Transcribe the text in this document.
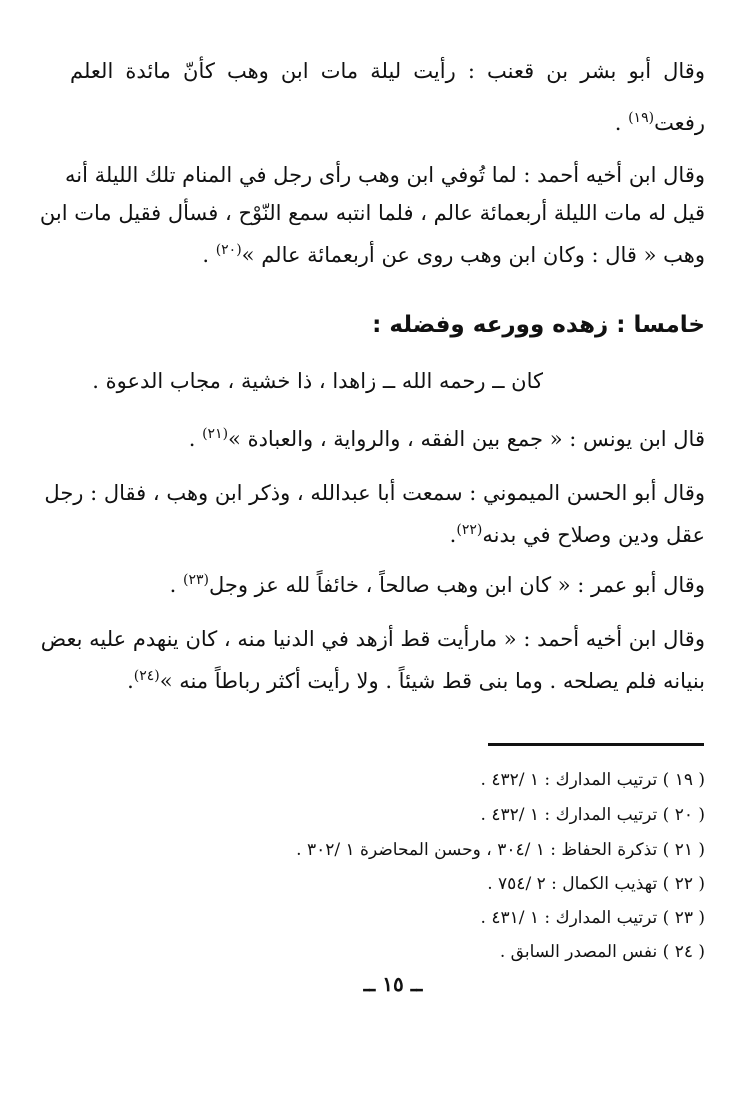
وقال أبو بشر بن قعنب : رأيت ليلة مات ابن وهب كأنّ مائدة العلم
رفعت$^{(١٩)}$ .
وقال ابن أخيه أحمد : لما تُوفي ابن وهب رأى رجل في المنام تلك الليلة أنه
قيل له مات الليلة أربعمائة عالم ، فلما انتبه سمع النّوْح ، فسأل فقيل مات ابن
وهب « قال : وكان ابن وهب روى عن أربعمائة عالم »$^{(٢٠)}$ .
خامسا : زهده وورعه وفضله :
كان ــ رحمه الله ــ زاهدا ، ذا خشية ، مجاب الدعوة .
قال ابن يونس : « جمع بين الفقه ، والرواية ، والعبادة »$^{(٢١)}$ .
وقال أبو الحسن الميموني : سمعت أبا عبدالله ، وذكر ابن وهب ، فقال : رجل
عقل ودين وصلاح في بدنه$^{(٢٢)}$.
وقال أبو عمر : « كان ابن وهب صالحاً ، خائفاً لله عز وجل$^{(٢٣)}$ .
وقال ابن أخيه أحمد : « مارأيت قط أزهد في الدنيا منه ، كان ينهدم عليه بعض
بنيانه فلم يصلحه . وما بنى قط شيئاً . ولا رأيت أكثر رباطاً منه »$^{(٢٤)}$.
( ١٩ ) ترتيب المدارك : ١ /٤٣٢ .
( ٢٠ ) ترتيب المدارك : ١ /٤٣٢ .
( ٢١ ) تذكرة الحفاظ : ١ /٣٠٤ ، وحسن المحاضرة ١ /٣٠٢ .
( ٢٢ ) تهذيب الكمال : ٢ /٧٥٤ .
( ٢٣ ) ترتيب المدارك : ١ /٤٣١ .
( ٢٤ ) نفس المصدر السابق .
ــ ١٥ ــ
